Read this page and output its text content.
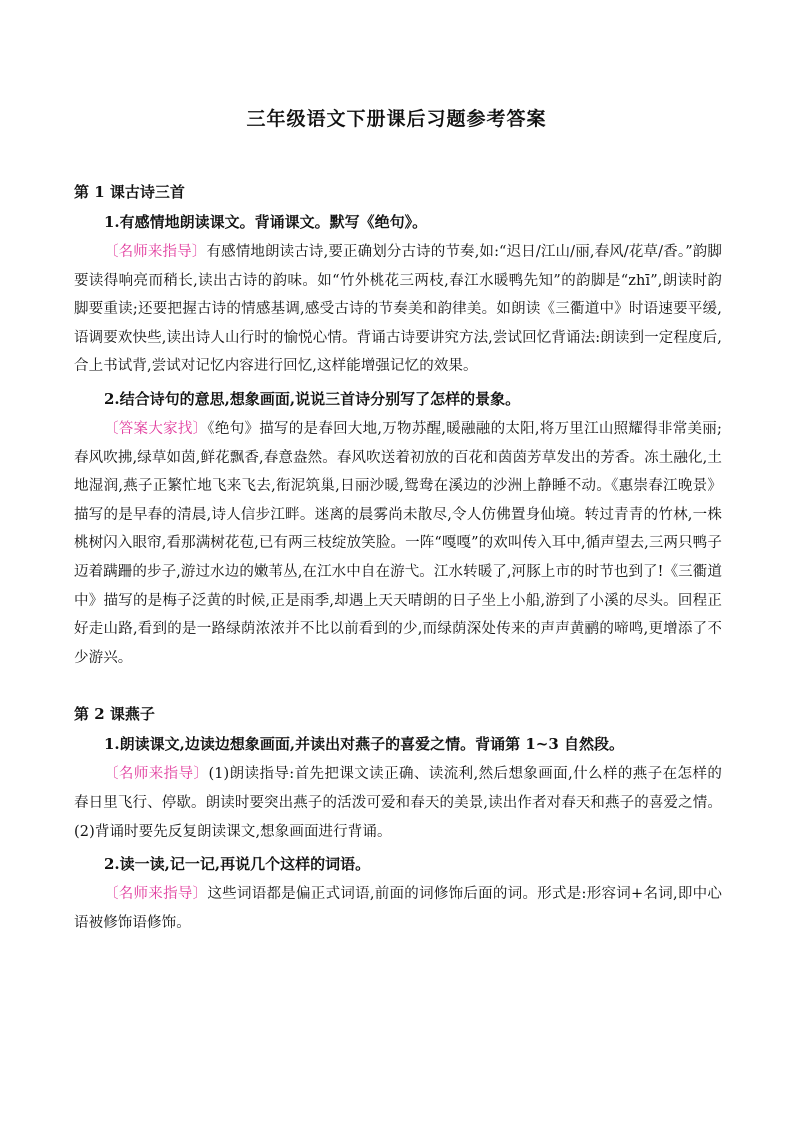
三年级语文下册课后习题参考答案
第 1 课古诗三首

1.有感情地朗读课文。背诵课文。默写《绝句》。

〔名师来指导〕有感情地朗读古诗,要正确划分古诗的节奏,如:“迟日/江山/丽,春风/花草/香。”韵脚要读得响亮而稍长,读出古诗的韵味。如“竹外桃花三两枝,春江水暖鸭先知”的韵脚是“zhī”,朗读时韵脚要重读;还要把握古诗的情感基调,感受古诗的节奏美和韵律美。如朗读《三衢道中》时语速要平缓,语调要欢快些,读出诗人山行时的愉悦心情。背诵古诗要讲究方法,尝试回忆背诵法:朗读到一定程度后,合上书试背,尝试对记忆内容进行回忆,这样能增强记忆的效果。

2.结合诗句的意思,想象画面,说说三首诗分别写了怎样的景象。

〔答案大家找〕《绝句》描写的是春回大地,万物苏醒,暖融融的太阳,将万里江山照耀得非常美丽;春风吹拂,绿草如茵,鲜花飘香,春意盎然。春风吹送着初放的百花和茵茵芳草发出的芳香。冻土融化,土地湿润,燕子正繁忙地飞来飞去,衔泥筑巢,日丽沙暖,鸳鸯在溪边的沙洲上静睡不动。《惠崇春江晚景》描写的是早春的清晨,诗人信步江畔。迷离的晨雾尚未散尽,令人仿佛置身仙境。转过青青的竹林,一株桃树闪入眼帘,看那满树花苞,已有两三枝绽放笑脸。一阵“嘎嘎”的欢叫传入耳中,循声望去,三两只鸭子迈着蹒跚的步子,游过水边的嫩苇丛,在江水中自在游弋。江水转暖了,河豚上市的时节也到了!《三衢道中》描写的是梅子泛黄的时候,正是雨季,却遇上天天晴朗的日子坐上小船,游到了小溪的尽头。回程正好走山路,看到的是一路绿荫浓浓并不比以前看到的少,而绿荫深处传来的声声黄鹂的啼鸣,更增添了不少游兴。

第 2 课燕子

1.朗读课文,边读边想象画面,并读出对燕子的喜爱之情。背诵第 1~3 自然段。

〔名师来指导〕(1)朗读指导:首先把课文读正确、读流利,然后想象画面,什么样的燕子在怎样的春日里飞行、停歇。朗读时要突出燕子的活泼可爱和春天的美景,读出作者对春天和燕子的喜爱之情。(2)背诵时要先反复朗读课文,想象画面进行背诵。

2.读一读,记一记,再说几个这样的词语。

〔名师来指导〕这些词语都是偏正式词语,前面的词修饰后面的词。形式是:形容词+名词,即中心语被修饰语修饰。
